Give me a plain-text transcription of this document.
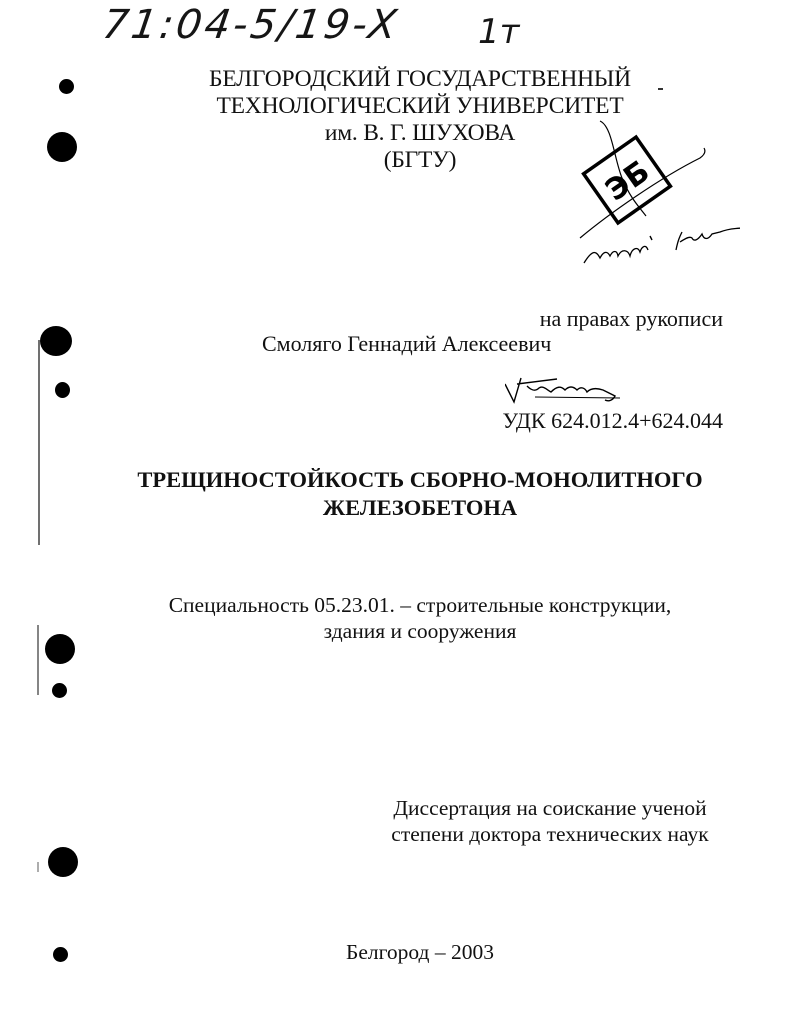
71:04-5/19-X 1т
БЕЛГОРОДСКИЙ ГОСУДАРСТВЕННЫЙ
ТЕХНОЛОГИЧЕСКИЙ УНИВЕРСИТЕТ
им. В. Г. ШУХОВА
(БГТУ)	ЭБ
на правах рукописи
Смоляго Геннадий Алексеевич
УДК 624.012.4+624.044
ТРЕЩИНОСТОЙКОСТЬ СБОРНО-МОНОЛИТНОГО
ЖЕЛЕЗОБЕТОНА
Специальность 05.23.01. – строительные конструкции,
здания и сооружения
Диссертация на соискание ученой
степени доктора технических наук
Белгород – 2003
